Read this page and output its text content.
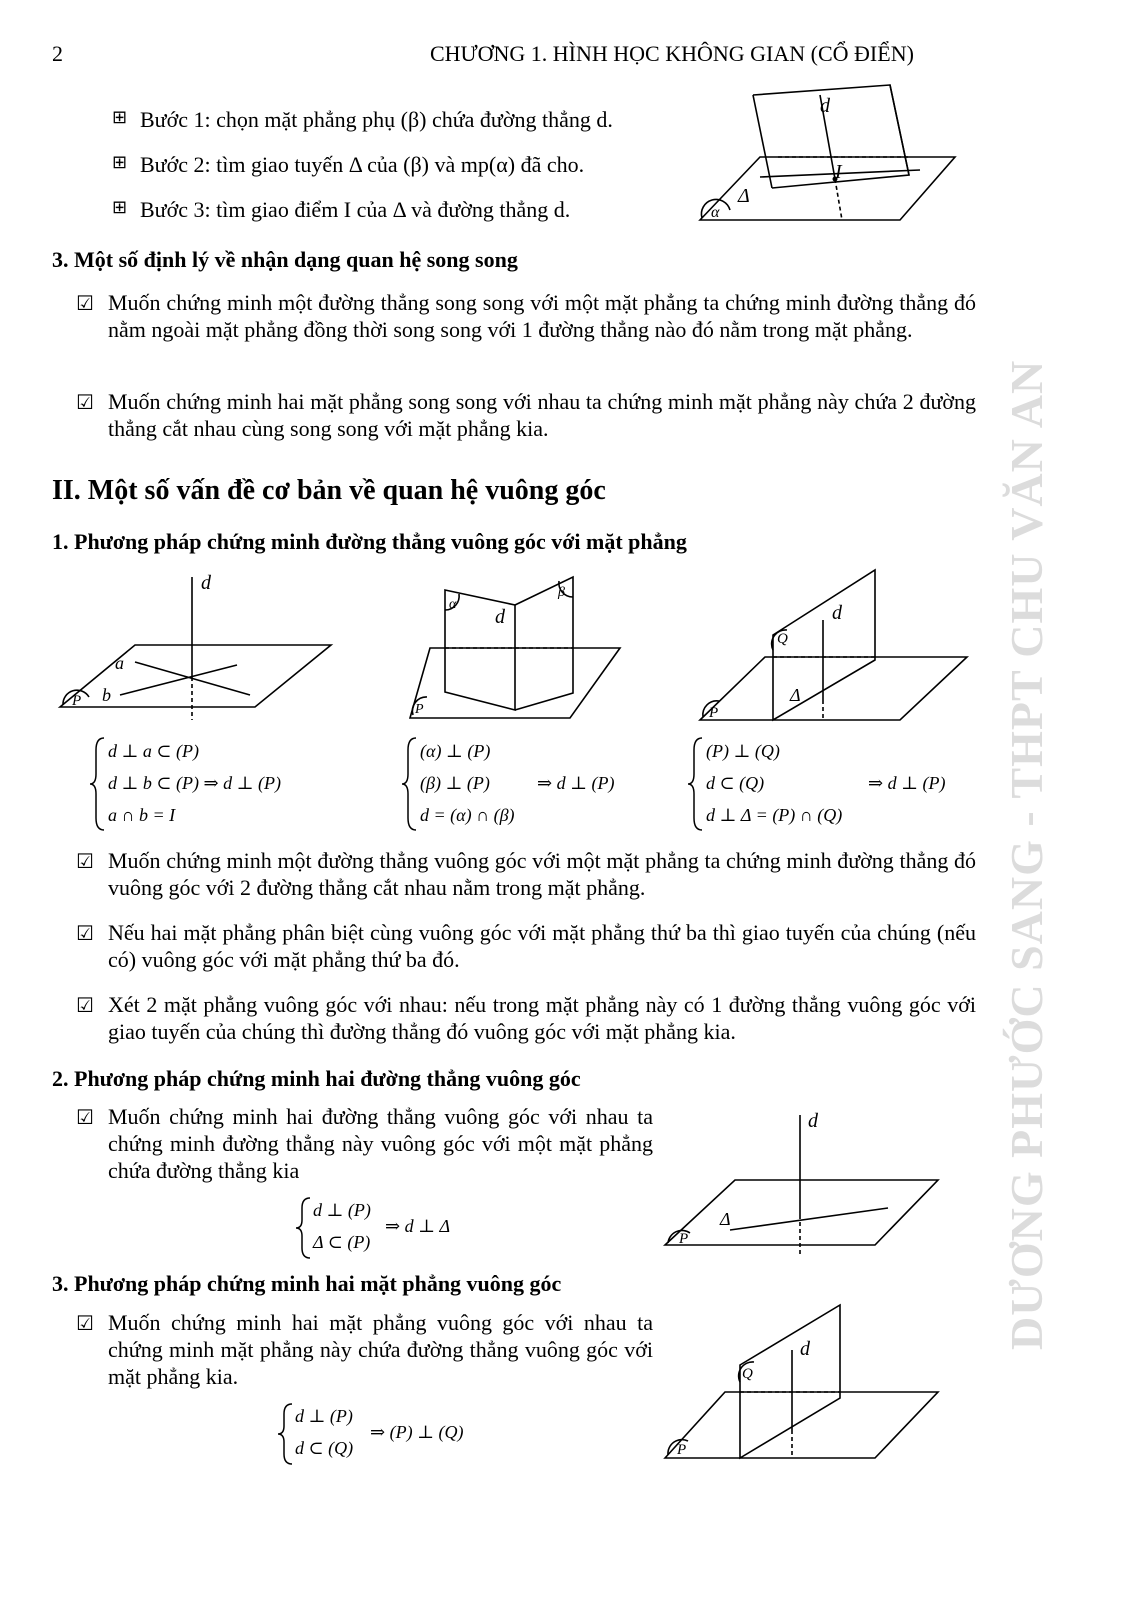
2	CHƯƠNG 1. HÌNH HỌC KHÔNG GIAN (CỔ ĐIỂN)
DƯƠNG PHƯỚC SANG - THPT CHU VĂN AN
⊞ Bước 1: chọn mặt phẳng phụ (β) chứa đường thẳng d.
⊞ Bước 2: tìm giao tuyến Δ của (β) và mp(α) đã cho.
⊞ Bước 3: tìm giao điểm I của Δ và đường thẳng d.
d
I
Δ
α
3. Một số định lý về nhận dạng quan hệ song song
☑ Muốn chứng minh một đường thẳng song song với một mặt phẳng ta chứng minh đường thẳng đó nằm ngoài mặt phẳng đồng thời song song với 1 đường thẳng nào đó nằm trong mặt phẳng.
☑ Muốn chứng minh hai mặt phẳng song song với nhau ta chứng minh mặt phẳng này chứa 2 đường thẳng cắt nhau cùng song song với mặt phẳng kia.
II. Một số vấn đề cơ bản về quan hệ vuông góc
1. Phương pháp chứng minh đường thẳng vuông góc với mặt phẳng
d
a
b
P
d
α
β
P
d
Q
Δ
P
d ⊥ a ⊂ (P)
d ⊥ b ⊂ (P) ⇒ d ⊥ (P)
a ∩ b = I
(α) ⊥ (P)
(β) ⊥ (P)	⇒ d ⊥ (P)
d = (α) ∩ (β)
(P) ⊥ (Q)
d ⊂ (Q)	⇒ d ⊥ (P)
d ⊥ Δ = (P) ∩ (Q)
☑ Muốn chứng minh một đường thẳng vuông góc với một mặt phẳng ta chứng minh đường thẳng đó vuông góc với 2 đường thẳng cắt nhau nằm trong mặt phẳng.
☑ Nếu hai mặt phẳng phân biệt cùng vuông góc với mặt phẳng thứ ba thì giao tuyến của chúng (nếu có) vuông góc với mặt phẳng thứ ba đó.
☑ Xét 2 mặt phẳng vuông góc với nhau: nếu trong mặt phẳng này có 1 đường thẳng vuông góc với giao tuyến của chúng thì đường thẳng đó vuông góc với mặt phẳng kia.
2. Phương pháp chứng minh hai đường thẳng vuông góc
☑ Muốn chứng minh hai đường thẳng vuông góc với nhau ta chứng minh đường thẳng này vuông góc với một mặt phẳng chứa đường thẳng kia
d ⊥ (P)
Δ ⊂ (P)
⇒ d ⊥ Δ
d
Δ
P
3. Phương pháp chứng minh hai mặt phẳng vuông góc
☑ Muốn chứng minh hai mặt phẳng vuông góc với nhau ta chứng minh mặt phẳng này chứa đường thẳng vuông góc với mặt phẳng kia.
d ⊥ (P)
d ⊂ (Q)
⇒ (P) ⊥ (Q)
d
Q
P
